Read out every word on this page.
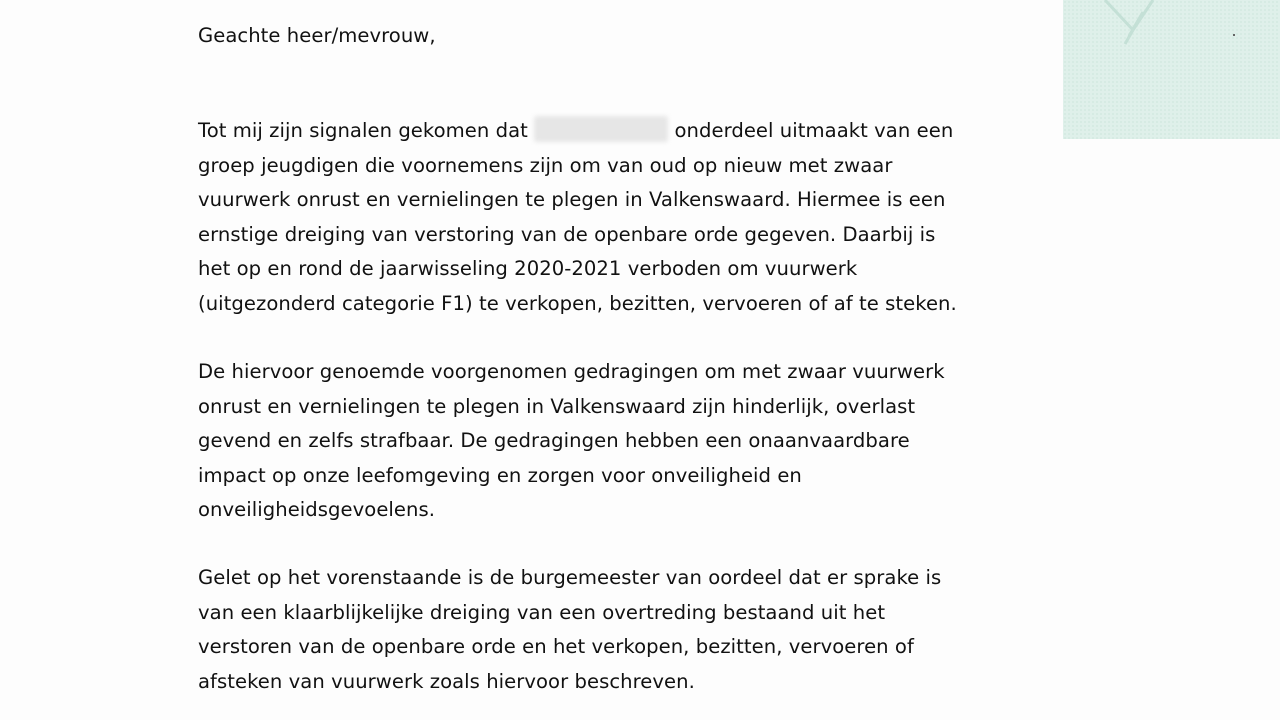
Geachte heer/mevrouw,
Tot mij zijn signalen gekomen dat	onderdeel uitmaakt van een
groep jeugdigen die voornemens zijn om van oud op nieuw met zwaar
vuurwerk onrust en vernielingen te plegen in Valkenswaard. Hiermee is een
ernstige dreiging van verstoring van de openbare orde gegeven. Daarbij is
het op en rond de jaarwisseling 2020-2021 verboden om vuurwerk
(uitgezonderd categorie F1) te verkopen, bezitten, vervoeren of af te steken.
De hiervoor genoemde voorgenomen gedragingen om met zwaar vuurwerk
onrust en vernielingen te plegen in Valkenswaard zijn hinderlijk, overlast
gevend en zelfs strafbaar. De gedragingen hebben een onaanvaardbare
impact op onze leefomgeving en zorgen voor onveiligheid en
onveiligheidsgevoelens.
Gelet op het vorenstaande is de burgemeester van oordeel dat er sprake is
van een klaarblijkelijke dreiging van een overtreding bestaand uit het
verstoren van de openbare orde en het verkopen, bezitten, vervoeren of
afsteken van vuurwerk zoals hiervoor beschreven.
